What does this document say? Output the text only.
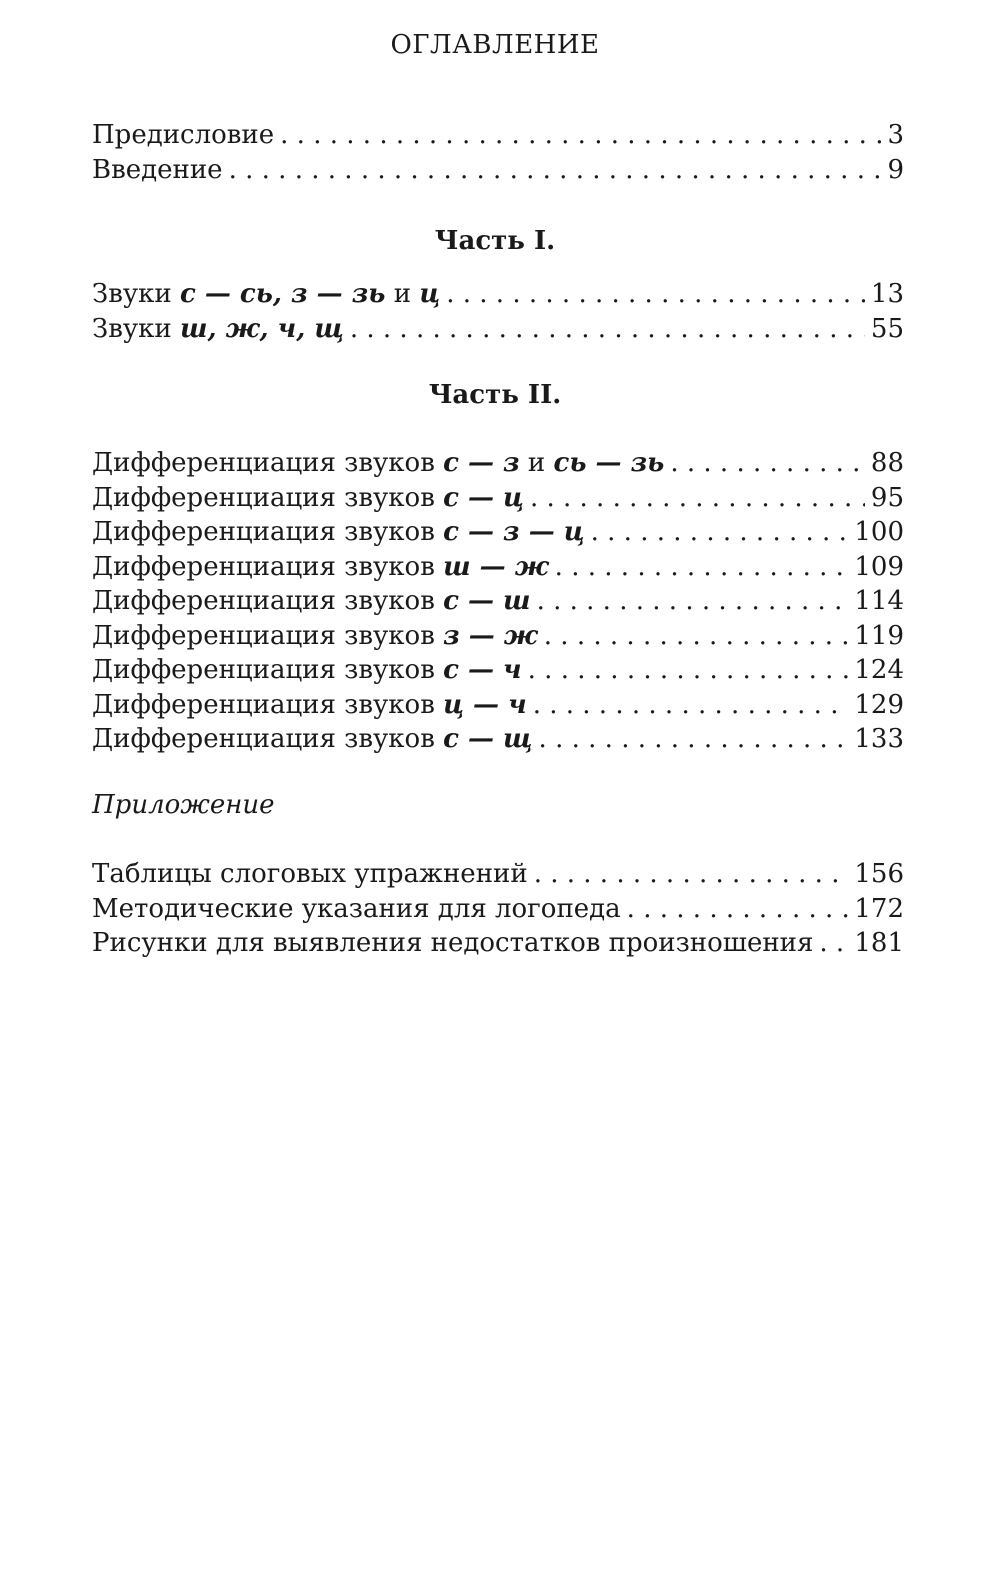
ОГЛАВЛЕНИЕ
Предисловие . . .	3
Введение . . .	9
Часть I.
Звуки с — сь, з — зь и ц . . .	13
Звуки ш, ж, ч, щ . . .	55
Часть II.
Дифференциация звуков с — з и сь — зь . . .	88
Дифференциация звуков с — ц . . .	95
Дифференциация звуков с — з — ц . . .	100
Дифференциация звуков ш — ж . . .	109
Дифференциация звуков с — ш . . .	114
Дифференциация звуков з — ж . . .	119
Дифференциация звуков с — ч . . .	124
Дифференциация звуков ц — ч . . .	129
Дифференциация звуков с — щ . . .	133
Приложение
Таблицы слоговых упражнений . . .	156
Методические указания для логопеда . . .	172
Рисунки для выявления недостатков произношения . . . 181
